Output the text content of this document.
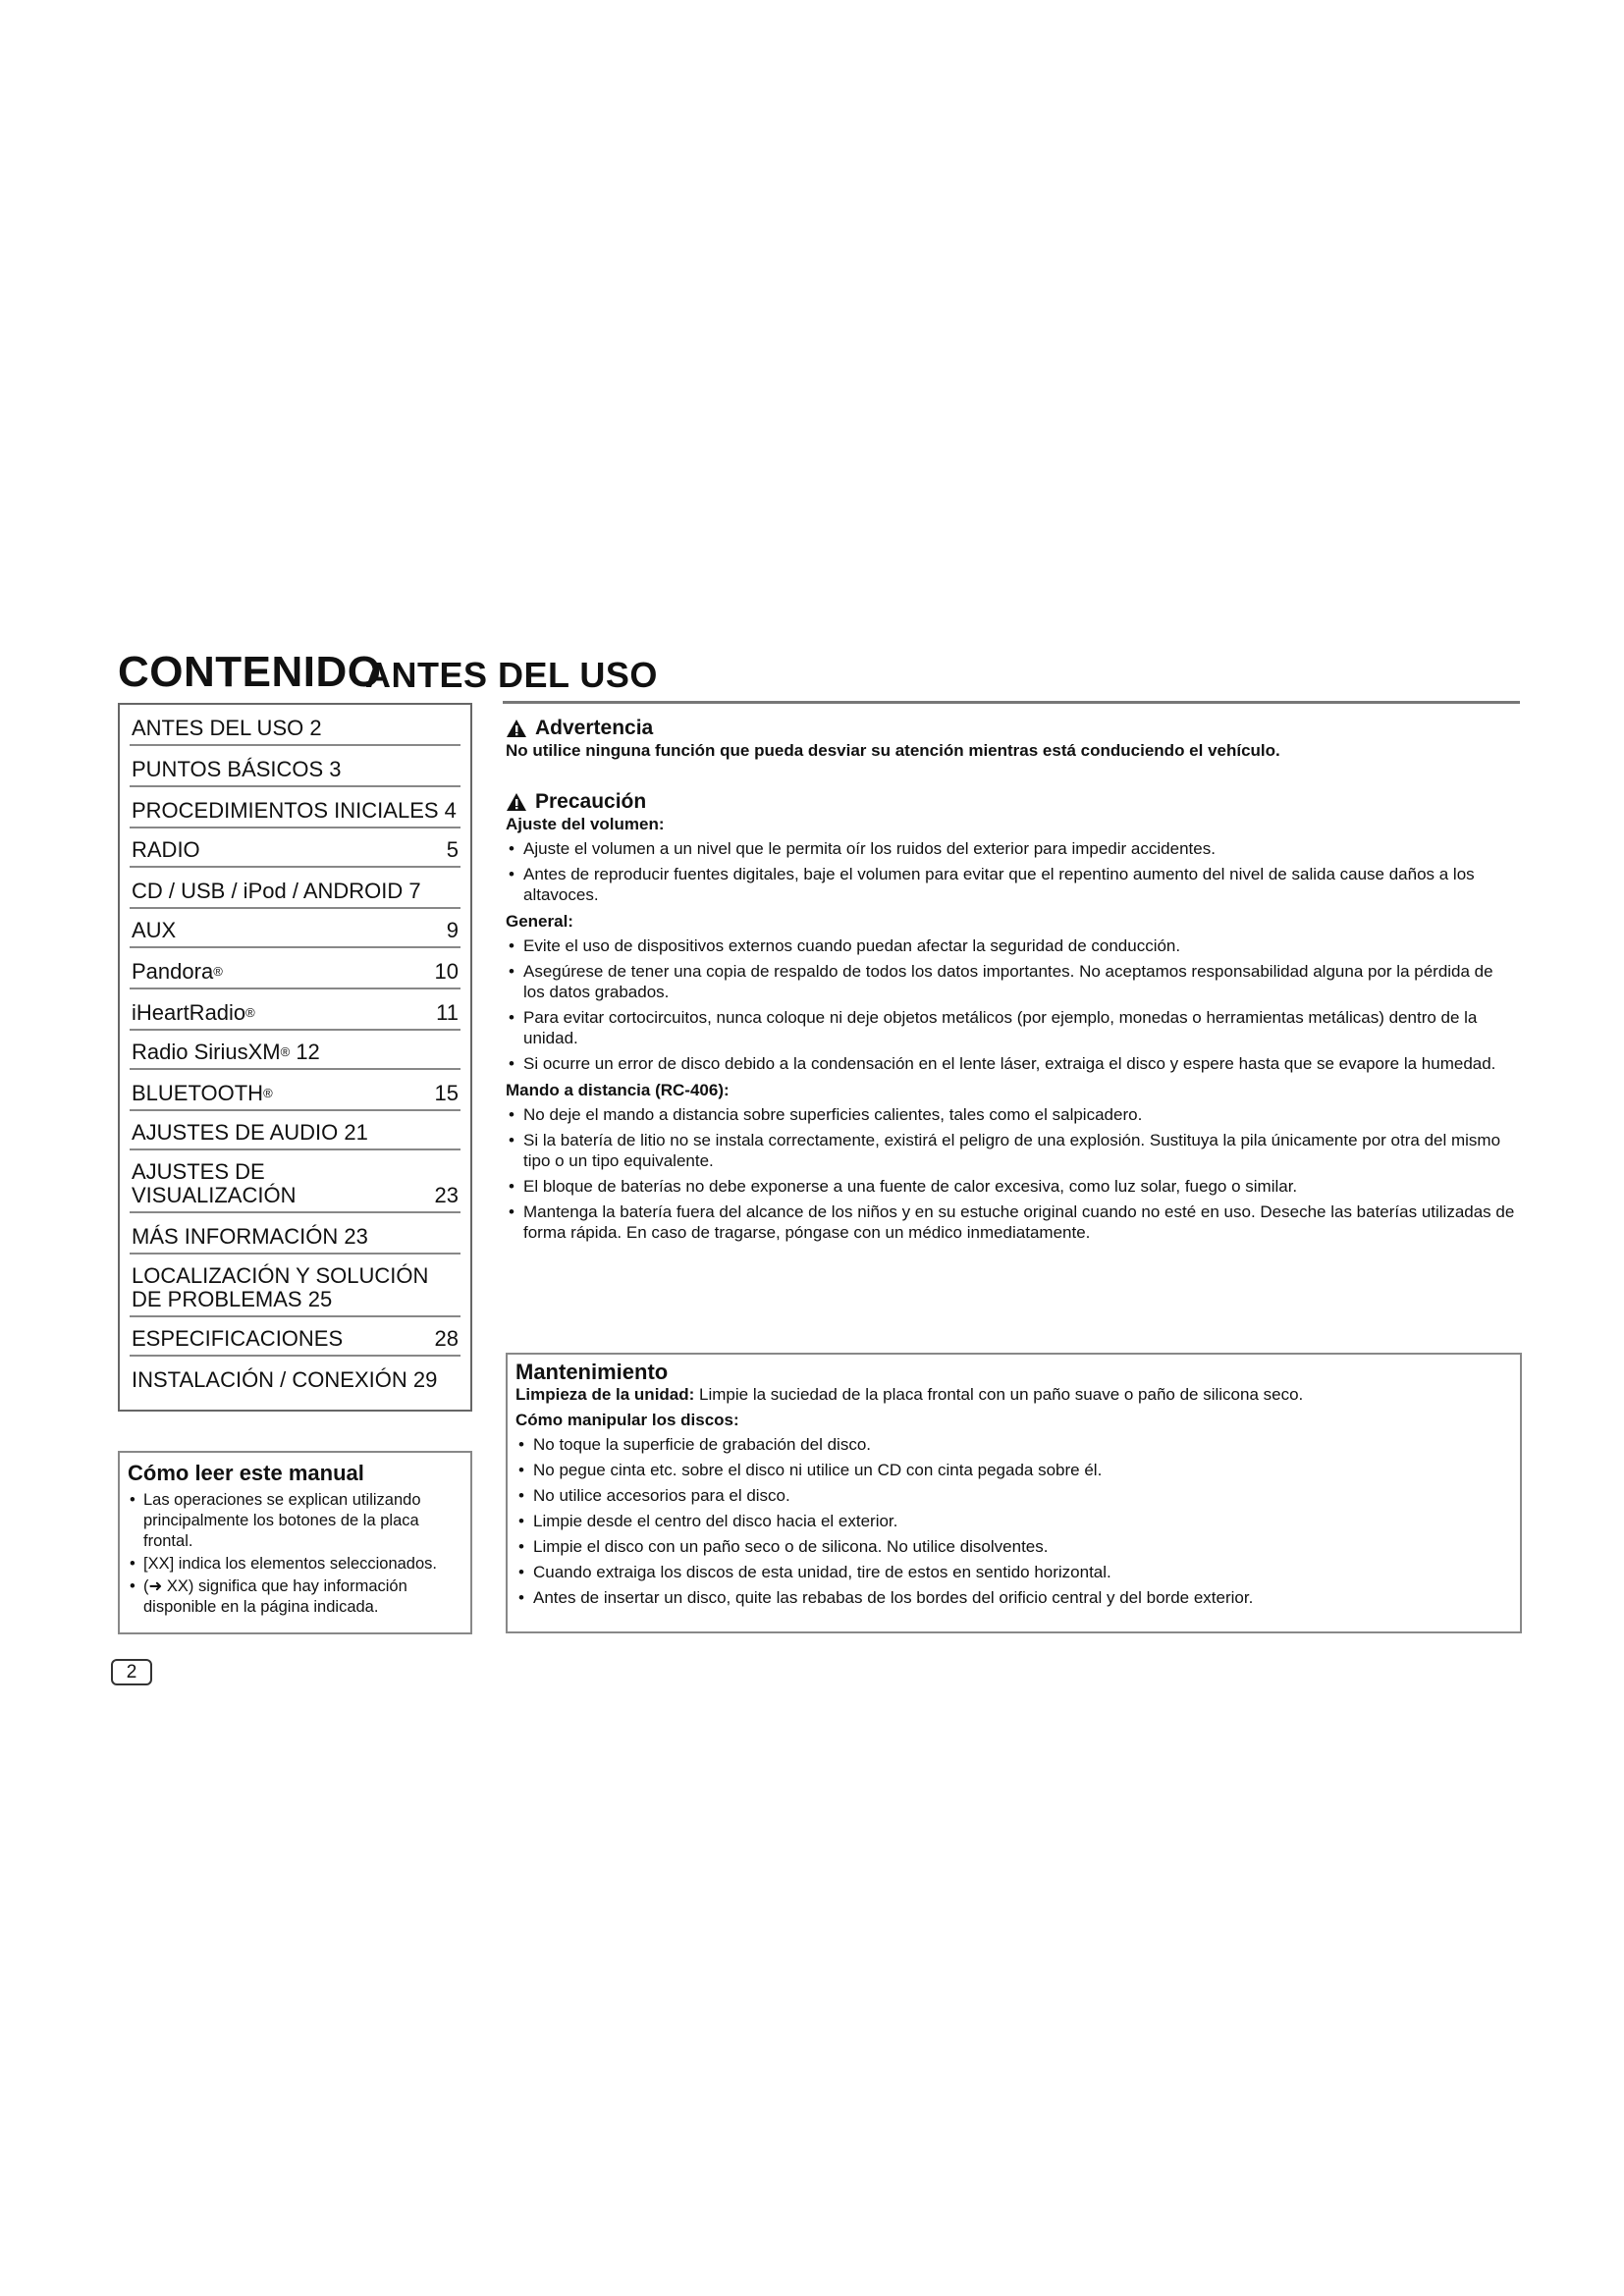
CONTENIDO
ANTES DEL USO
ANTES DEL USO 2
PUNTOS BÁSICOS 3
PROCEDIMIENTOS INICIALES 4
RADIO	5
CD / USB / iPod / ANDROID 7
AUX	9
Pandora®	10
iHeartRadio®	11
Radio SiriusXM® 12
BLUETOOTH®	15
AJUSTES DE AUDIO 21
AJUSTES DE
VISUALIZACIÓN	23
MÁS INFORMACIÓN 23
LOCALIZACIÓN Y SOLUCIÓN
DE PROBLEMAS 25
ESPECIFICACIONES	28
INSTALACIÓN / CONEXIÓN 29
Cómo leer este manual
• Las operaciones se explican utilizando principalmente los botones de la placa frontal.
• [XX] indica los elementos seleccionados.
• (➜ XX) significa que hay información disponible en la página indicada.
2
Advertencia
No utilice ninguna función que pueda desviar su atención mientras está conduciendo el vehículo.
Precaución
Ajuste del volumen:
• Ajuste el volumen a un nivel que le permita oír los ruidos del exterior para impedir accidentes.
• Antes de reproducir fuentes digitales, baje el volumen para evitar que el repentino aumento del nivel de salida cause daños a los altavoces.
General:
• Evite el uso de dispositivos externos cuando puedan afectar la seguridad de conducción.
• Asegúrese de tener una copia de respaldo de todos los datos importantes. No aceptamos responsabilidad alguna por la pérdida de los datos grabados.
• Para evitar cortocircuitos, nunca coloque ni deje objetos metálicos (por ejemplo, monedas o herramientas metálicas) dentro de la unidad.
• Si ocurre un error de disco debido a la condensación en el lente láser, extraiga el disco y espere hasta que se evapore la humedad.
Mando a distancia (RC-406):
• No deje el mando a distancia sobre superficies calientes, tales como el salpicadero.
• Si la batería de litio no se instala correctamente, existirá el peligro de una explosión. Sustituya la pila únicamente por otra del mismo tipo o un tipo equivalente.
• El bloque de baterías no debe exponerse a una fuente de calor excesiva, como luz solar, fuego o similar.
• Mantenga la batería fuera del alcance de los niños y en su estuche original cuando no esté en uso. Deseche las baterías utilizadas de forma rápida. En caso de tragarse, póngase con un médico inmediatamente.
Mantenimiento
Limpieza de la unidad: Limpie la suciedad de la placa frontal con un paño suave o paño de silicona seco.
Cómo manipular los discos:
• No toque la superficie de grabación del disco.
• No pegue cinta etc. sobre el disco ni utilice un CD con cinta pegada sobre él.
• No utilice accesorios para el disco.
• Limpie desde el centro del disco hacia el exterior.
• Limpie el disco con un paño seco o de silicona. No utilice disolventes.
• Cuando extraiga los discos de esta unidad, tire de estos en sentido horizontal.
• Antes de insertar un disco, quite las rebabas de los bordes del orificio central y del borde exterior.
